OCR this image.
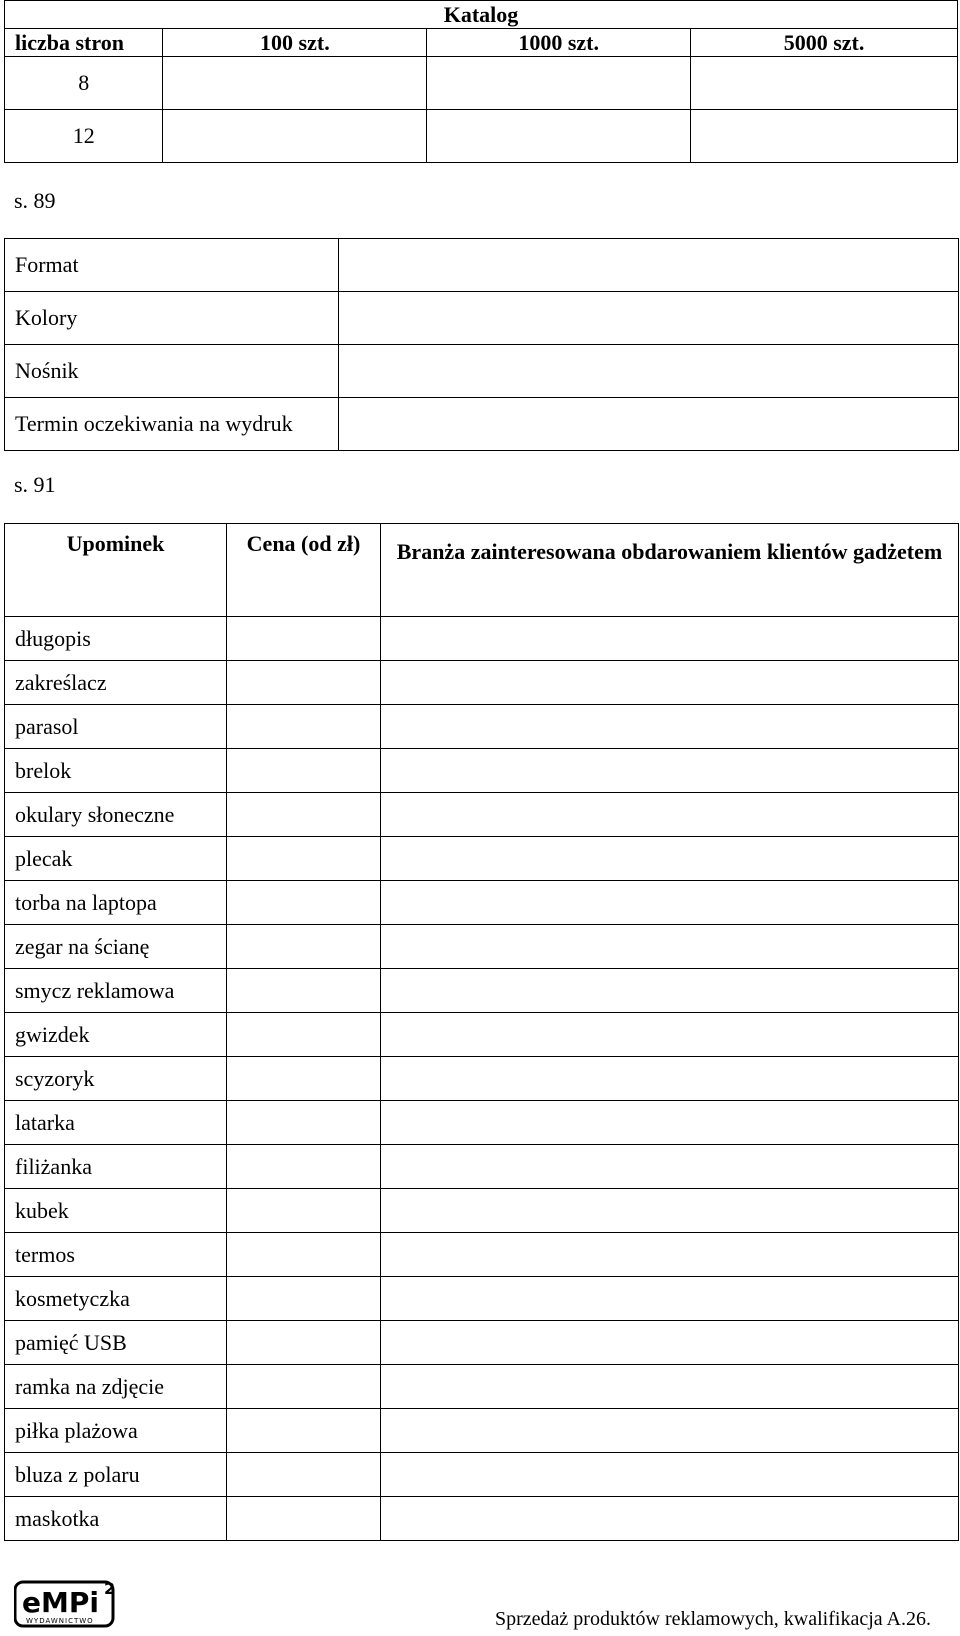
Katalog			
liczba stron	100 szt.	1000 szt.	5000 szt.
8			
12			
s. 89
Format	
Kolory	
Nośnik	
Termin oczekiwania na wydruk	
s. 91
Upominek	Cena (od zł)	Branża zainteresowana obdarowaniem klientów gadżetem
długopis		
zakreślacz		
parasol		
brelok		
okulary słoneczne		
plecak		
torba na laptopa		
zegar na ścianę		
smycz reklamowa		
gwizdek		
scyzoryk		
latarka		
filiżanka		
kubek		
termos		
kosmetyczka		
pamięć USB		
ramka na zdjęcie		
piłka plażowa		
bluza z polaru		
maskotka		
eMPi 2
WYDAWNICTWO	Sprzedaż produktów reklamowych, kwalifikacja A.26.
